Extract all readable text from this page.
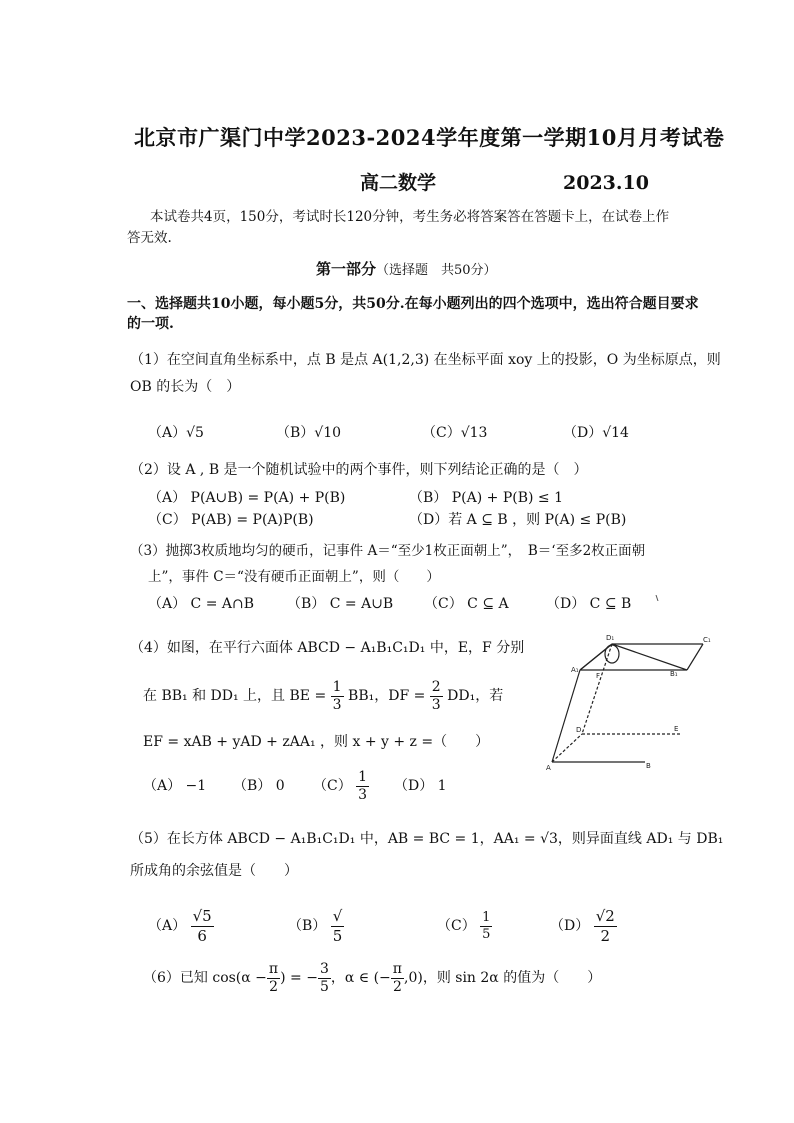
北京市广渠门中学2023-2024学年度第一学期10月月考试卷
高二数学	2023.10
本试卷共4页，150分，考试时长120分钟，考生务必将答案答在答题卡上，在试卷上作
答无效.
第一部分（选择题　共50分）
一、选择题共10小题，每小题5分，共50分.在每小题列出的四个选项中，选出符合题目要求
的一项.
（1）在空间直角坐标系中，点 B 是点 A(1,2,3) 在坐标平面 xoy 上的投影，O 为坐标原点，则
OB 的长为（　）
（A）√5	（B）√10	（C）√13	（D）√14
（2）设 A , B 是一个随机试验中的两个事件，则下列结论正确的是（　）
（A） P(A∪B) = P(A) + P(B)	（B） P(A) + P(B) ≤ 1
（C） P(AB) = P(A)P(B)	（D）若 A ⊆ B ，则 P(A) ≤ P(B)
（3）抛掷3枚质地均匀的硬币，记事件 A＝“至少1枚正面朝上”，　B＝‘至多2枚正面朝
上”，事件 C＝“没有硬币正面朝上”，则（　　）
（A） C = A∩B （B） C = A∪B （C） C ⊆ A	（D） C ⊆ B
（4）如图，在平行六面体 ABCD − A₁B₁C₁D₁ 中，E，F 分别
在 BB₁ 和 DD₁ 上，且 BE = $\frac{1}{3} BB_1$，DF = $\frac{2}{3} DD_1$，若
EF = xAB + yAD + zAA₁ ，则 x + y + z =（　　）
（A） −1 （B） 0 $(C) \frac{1}{3} (D)$ 1
D₁	C₁
A₁
F	B₁
D	E
A	B
（5）在长方体 ABCD − A₁B₁C₁D₁ 中，AB = BC = 1，AA₁ = √3，则异面直线 AD₁ 与 DB₁
所成角的余弦值是（　　）
$(A) \frac{√5}{6}$	$(B) \frac{√}{5}$	$(C) \frac{1}{5}$	$(D) \frac{√2}{2}$
（6）已知 $\cos(\alpha - \frac{\pi}{2}$ ) = − $\frac{3}{5}$ ，α ∈ (− $\frac{\pi}{2} ,0$)，则 sin 2α 的值为（　　）
